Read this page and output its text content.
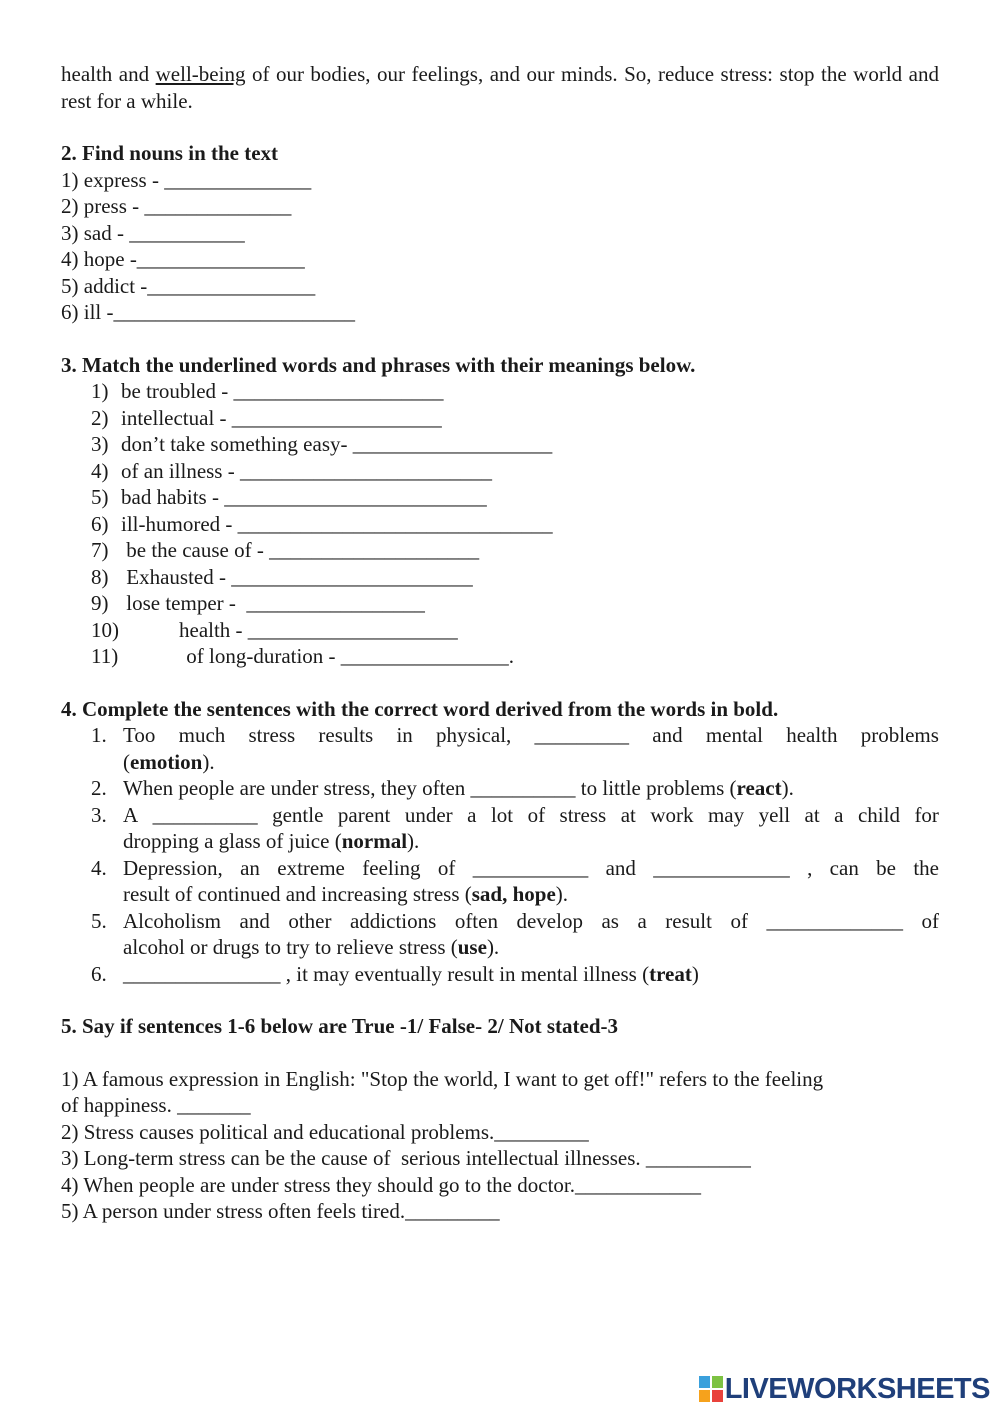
health and well-being of our bodies, our feelings, and our minds. So, reduce stress: stop the world and rest for a while.

2. Find nouns in the text

1) express - ______________

2) press - ______________

3) sad - ___________

4) hope -________________

5) addict -________________

6) ill -_______________________

3. Match the underlined words and phrases with their meanings below.

1) be troubled - ____________________

2) intellectual - ____________________

3) don’t take something easy- ___________________

4) of an illness - ________________________

5) bad habits - _________________________

6) ill-humored - ______________________________

7) be the cause of - ____________________

8) Exhausted - _______________________

9) lose temper -  _________________

10)	health - ____________________

11)	of long-duration - ________________.

4. Complete the sentences with the correct word derived from the words in bold.

1. Too much stress results in physical, _________ and mental health problems

(emotion).

2. When people are under stress, they often __________ to little problems (react).

3. A __________ gentle parent under a lot of stress at work may yell at a child for

dropping a glass of juice (normal).

4. Depression, an extreme feeling of ___________ and _____________ , can be the

result of continued and increasing stress (sad, hope).

5. Alcoholism and other addictions often develop as a result of _____________ of

alcohol or drugs to try to relieve stress (use).

6. _______________ , it may eventually result in mental illness (treat)

5. Say if sentences 1-6 below are True -1/ False- 2/ Not stated-3

1) A famous expression in English: "Stop the world, I want to get off!" refers to the feeling

of happiness. _______

2) Stress causes political and educational problems._________

3) Long-term stress can be the cause of  serious intellectual illnesses. __________

4) When people are under stress they should go to the doctor.____________

5) A person under stress often feels tired._________

LIVEWORKSHEETS
